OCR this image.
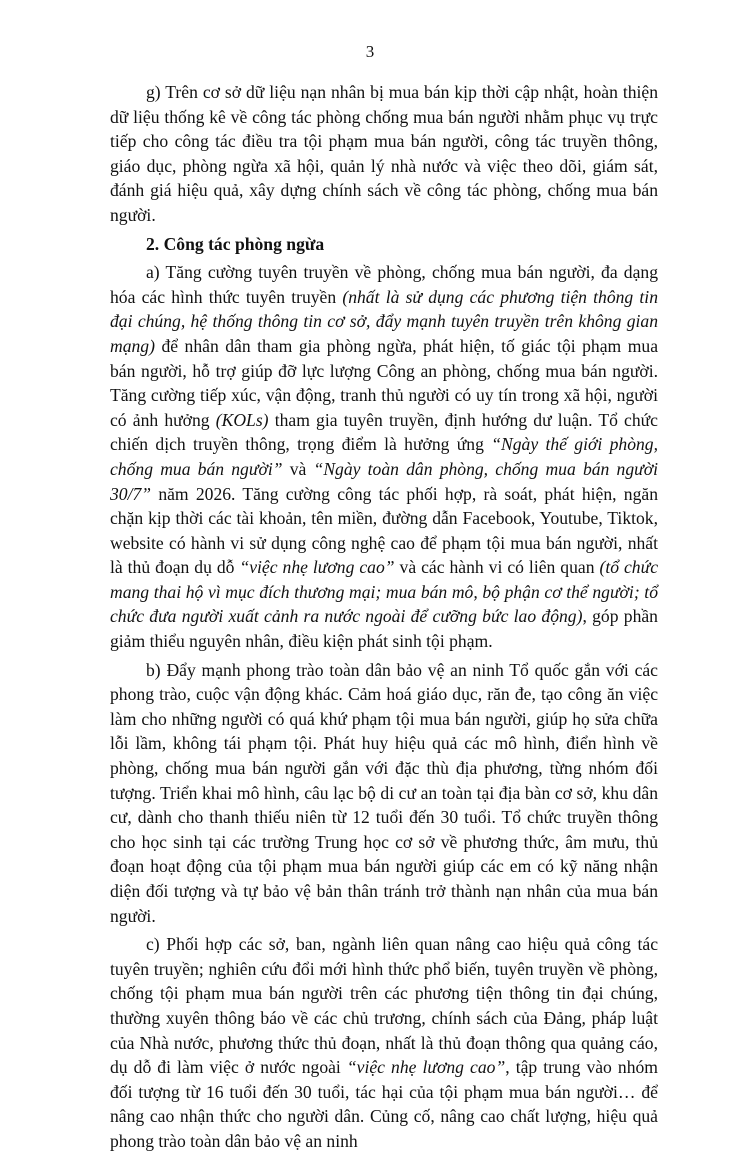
3

g) Trên cơ sở dữ liệu nạn nhân bị mua bán kịp thời cập nhật, hoàn thiện dữ liệu thống kê về công tác phòng chống mua bán người nhằm phục vụ trực tiếp cho công tác điều tra tội phạm mua bán người, công tác truyền thông, giáo dục, phòng ngừa xã hội, quản lý nhà nước và việc theo dõi, giám sát, đánh giá hiệu quả, xây dựng chính sách về công tác phòng, chống mua bán người.

2. Công tác phòng ngừa

a) Tăng cường tuyên truyền về phòng, chống mua bán người, đa dạng hóa các hình thức tuyên truyền (nhất là sử dụng các phương tiện thông tin đại chúng, hệ thống thông tin cơ sở, đẩy mạnh tuyên truyền trên không gian mạng) để nhân dân tham gia phòng ngừa, phát hiện, tố giác tội phạm mua bán người, hỗ trợ giúp đỡ lực lượng Công an phòng, chống mua bán người. Tăng cường tiếp xúc, vận động, tranh thủ người có uy tín trong xã hội, người có ảnh hưởng (KOLs) tham gia tuyên truyền, định hướng dư luận. Tổ chức chiến dịch truyền thông, trọng điểm là hưởng ứng “Ngày thế giới phòng, chống mua bán người” và “Ngày toàn dân phòng, chống mua bán người 30/7” năm 2026. Tăng cường công tác phối hợp, rà soát, phát hiện, ngăn chặn kịp thời các tài khoản, tên miền, đường dẫn Facebook, Youtube, Tiktok, website có hành vi sử dụng công nghệ cao để phạm tội mua bán người, nhất là thủ đoạn dụ dỗ “việc nhẹ lương cao” và các hành vi có liên quan (tổ chức mang thai hộ vì mục đích thương mại; mua bán mô, bộ phận cơ thể người; tổ chức đưa người xuất cảnh ra nước ngoài để cưỡng bức lao động), góp phần giảm thiểu nguyên nhân, điều kiện phát sinh tội phạm.

b) Đẩy mạnh phong trào toàn dân bảo vệ an ninh Tổ quốc gắn với các phong trào, cuộc vận động khác. Cảm hoá giáo dục, răn đe, tạo công ăn việc làm cho những người có quá khứ phạm tội mua bán người, giúp họ sửa chữa lỗi lầm, không tái phạm tội. Phát huy hiệu quả các mô hình, điển hình về phòng, chống mua bán người gắn với đặc thù địa phương, từng nhóm đối tượng. Triển khai mô hình, câu lạc bộ di cư an toàn tại địa bàn cơ sở, khu dân cư, dành cho thanh thiếu niên từ 12 tuổi đến 30 tuổi. Tổ chức truyền thông cho học sinh tại các trường Trung học cơ sở về phương thức, âm mưu, thủ đoạn hoạt động của tội phạm mua bán người giúp các em có kỹ năng nhận diện đối tượng và tự bảo vệ bản thân tránh trở thành nạn nhân của mua bán người.

c) Phối hợp các sở, ban, ngành liên quan nâng cao hiệu quả công tác tuyên truyền; nghiên cứu đổi mới hình thức phổ biến, tuyên truyền về phòng, chống tội phạm mua bán người trên các phương tiện thông tin đại chúng, thường xuyên thông báo về các chủ trương, chính sách của Đảng, pháp luật của Nhà nước, phương thức thủ đoạn, nhất là thủ đoạn thông qua quảng cáo, dụ dỗ đi làm việc ở nước ngoài “việc nhẹ lương cao”, tập trung vào nhóm đối tượng từ 16 tuổi đến 30 tuổi, tác hại của tội phạm mua bán người… để nâng cao nhận thức cho người dân. Củng cố, nâng cao chất lượng, hiệu quả phong trào toàn dân bảo vệ an ninh
